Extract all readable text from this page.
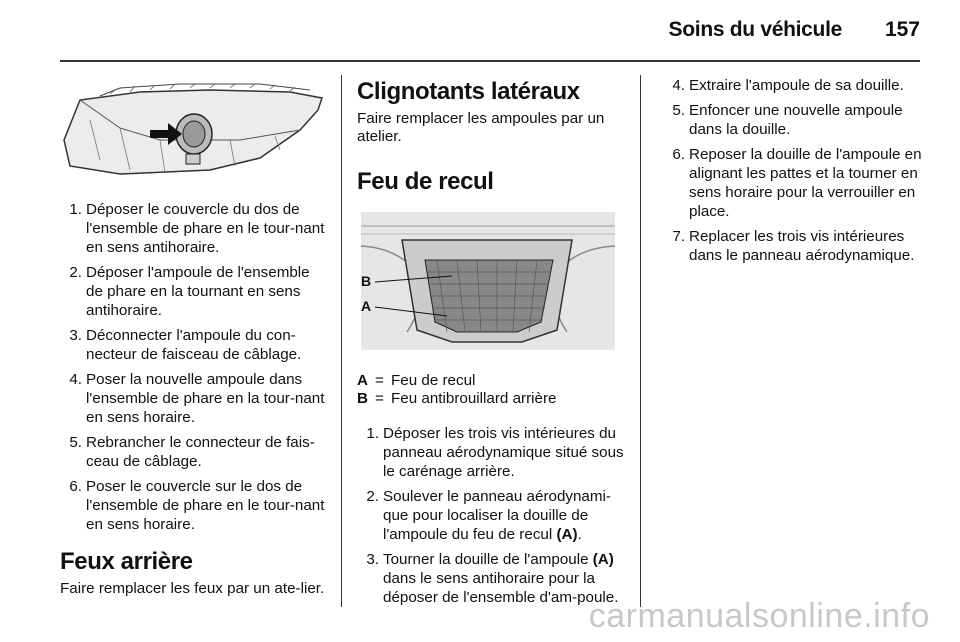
Soins du véhicule 157
1. Déposer le couvercle du dos de l'ensemble de phare en le tour-nant en sens antihoraire.
2. Déposer l'ampoule de l'ensemble de phare en la tournant en sens antihoraire.
3. Déconnecter l'ampoule du con-necteur de faisceau de câblage.
4. Poser la nouvelle ampoule dans l'ensemble de phare en la tour-nant en sens horaire.
5. Rebrancher le connecteur de fais-ceau de câblage.
6. Poser le couvercle sur le dos de l'ensemble de phare en le tour-nant en sens horaire.
Feux arrière

Faire remplacer les feux par un ate-lier.

Clignotants latéraux

Faire remplacer les ampoules par un atelier.

Feu de recul
B
A
A = Feu de recul
B = Feu antibrouillard arrière
1. Déposer les trois vis intérieures du panneau aérodynamique situé sous le carénage arrière.
2. Soulever le panneau aérodynami-que pour localiser la douille de l'ampoule du feu de recul (A).
3. Tourner la douille de l'ampoule (A) dans le sens antihoraire pour la déposer de l'ensemble d'am-poule.
4. Extraire l'ampoule de sa douille.
5. Enfoncer une nouvelle ampoule dans la douille.
6. Reposer la douille de l'ampoule en alignant les pattes et la tourner en sens horaire pour la verrouiller en place.
7. Replacer les trois vis intérieures dans le panneau aérodynamique.
carmanualsonline.info
